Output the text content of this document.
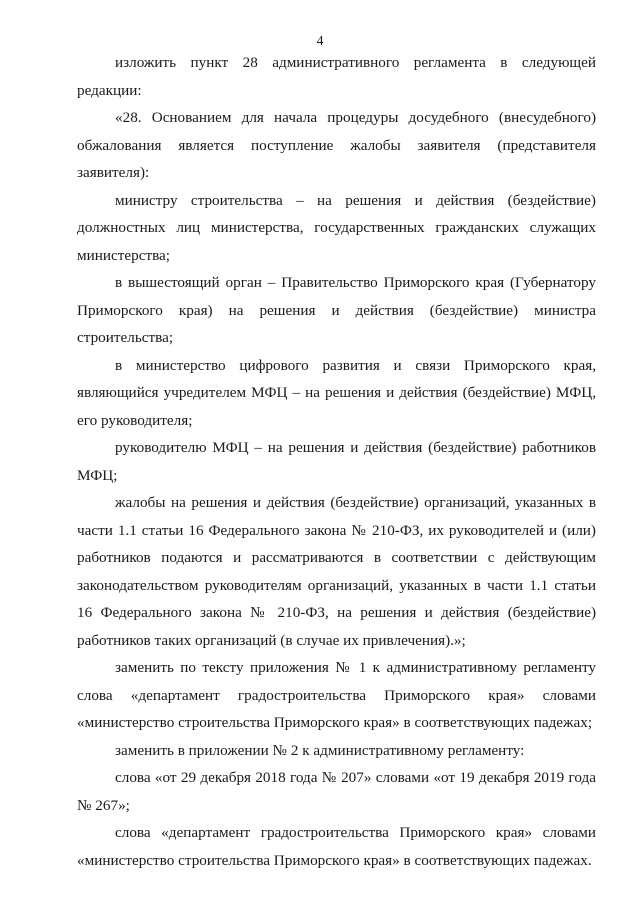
4

изложить пункт 28 административного регламента в следующей редакции:

«28. Основанием для начала процедуры досудебного (внесудебного) обжалования является поступление жалобы заявителя (представителя заявителя):

министру строительства – на решения и действия (бездействие) должностных лиц министерства, государственных гражданских служащих министерства;

в вышестоящий орган – Правительство Приморского края (Губернатору Приморского края) на решения и действия (бездействие) министра строительства;

в министерство цифрового развития и связи Приморского края, являющийся учредителем МФЦ – на решения и действия (бездействие) МФЦ, его руководителя;

руководителю МФЦ – на решения и действия (бездействие) работников МФЦ;

жалобы на решения и действия (бездействие) организаций, указанных в части 1.1 статьи 16 Федерального закона № 210-ФЗ, их руководителей и (или) работников подаются и рассматриваются в соответствии с действующим законодательством руководителям организаций, указанных в части 1.1 статьи 16 Федерального закона № 210-ФЗ, на решения и действия (бездействие) работников таких организаций (в случае их привлечения).»;

заменить по тексту приложения № 1 к административному регламенту слова «департамент градостроительства Приморского края» словами «министерство строительства Приморского края» в соответствующих падежах;

заменить в приложении № 2 к административному регламенту:

слова «от 29 декабря 2018 года № 207» словами «от 19 декабря 2019 года № 267»;

слова «департамент градостроительства Приморского края» словами «министерство строительства Приморского края» в соответствующих падежах.
